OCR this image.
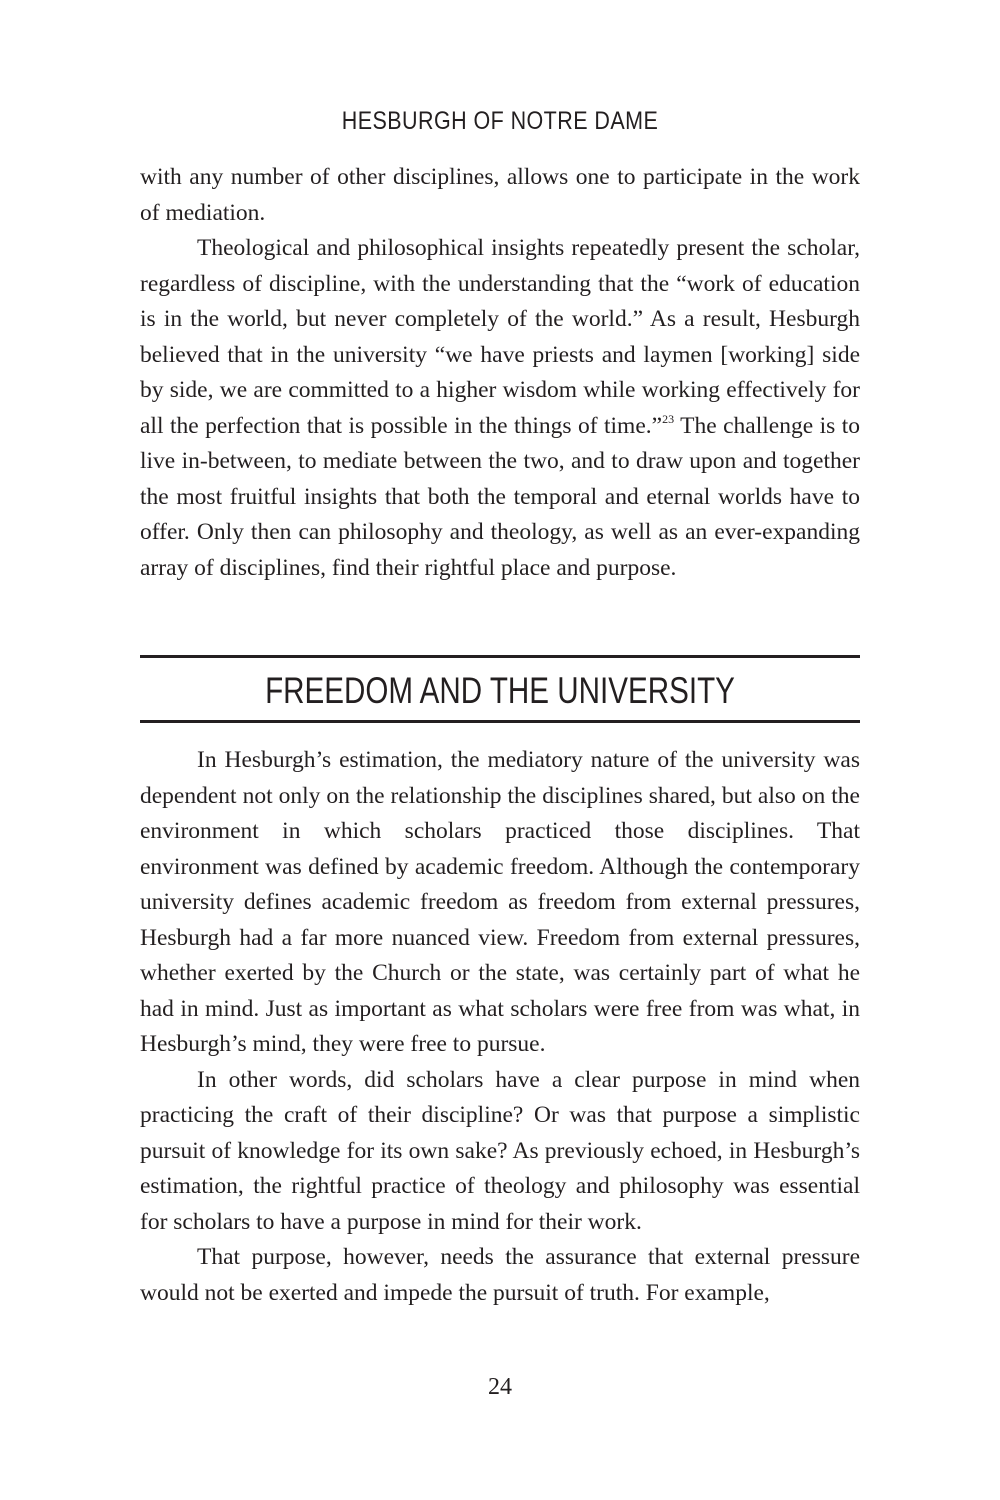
HESBURGH OF NOTRE DAME

with any number of other disciplines, allows one to participate in the work of mediation.

Theological and philosophical insights repeatedly present the scholar, regardless of discipline, with the understanding that the “work of education is in the world, but never completely of the world.” As a result, Hesburgh believed that in the university “we have priests and laymen [working] side by side, we are committed to a higher wisdom while working effectively for all the perfection that is possible in the things of time.”$^{23}$ The challenge is to live in-between, to mediate between the two, and to draw upon and together the most fruitful insights that both the temporal and eternal worlds have to offer. Only then can philosophy and theology, as well as an ever-expanding array of disciplines, find their rightful place and purpose.

FREEDOM AND THE UNIVERSITY

In Hesburgh’s estimation, the mediatory nature of the university was dependent not only on the relationship the disciplines shared, but also on the environment in which scholars practiced those disciplines. That environment was defined by academic freedom. Although the contemporary university defines academic freedom as freedom from external pressures, Hesburgh had a far more nuanced view. Freedom from external pressures, whether exerted by the Church or the state, was certainly part of what he had in mind. Just as important as what scholars were free from was what, in Hesburgh’s mind, they were free to pursue.

In other words, did scholars have a clear purpose in mind when practicing the craft of their discipline? Or was that purpose a simplistic pursuit of knowledge for its own sake? As previously echoed, in Hesburgh’s estimation, the rightful practice of theology and philosophy was essential for scholars to have a purpose in mind for their work.

That purpose, however, needs the assurance that external pressure would not be exerted and impede the pursuit of truth. For example,

24
